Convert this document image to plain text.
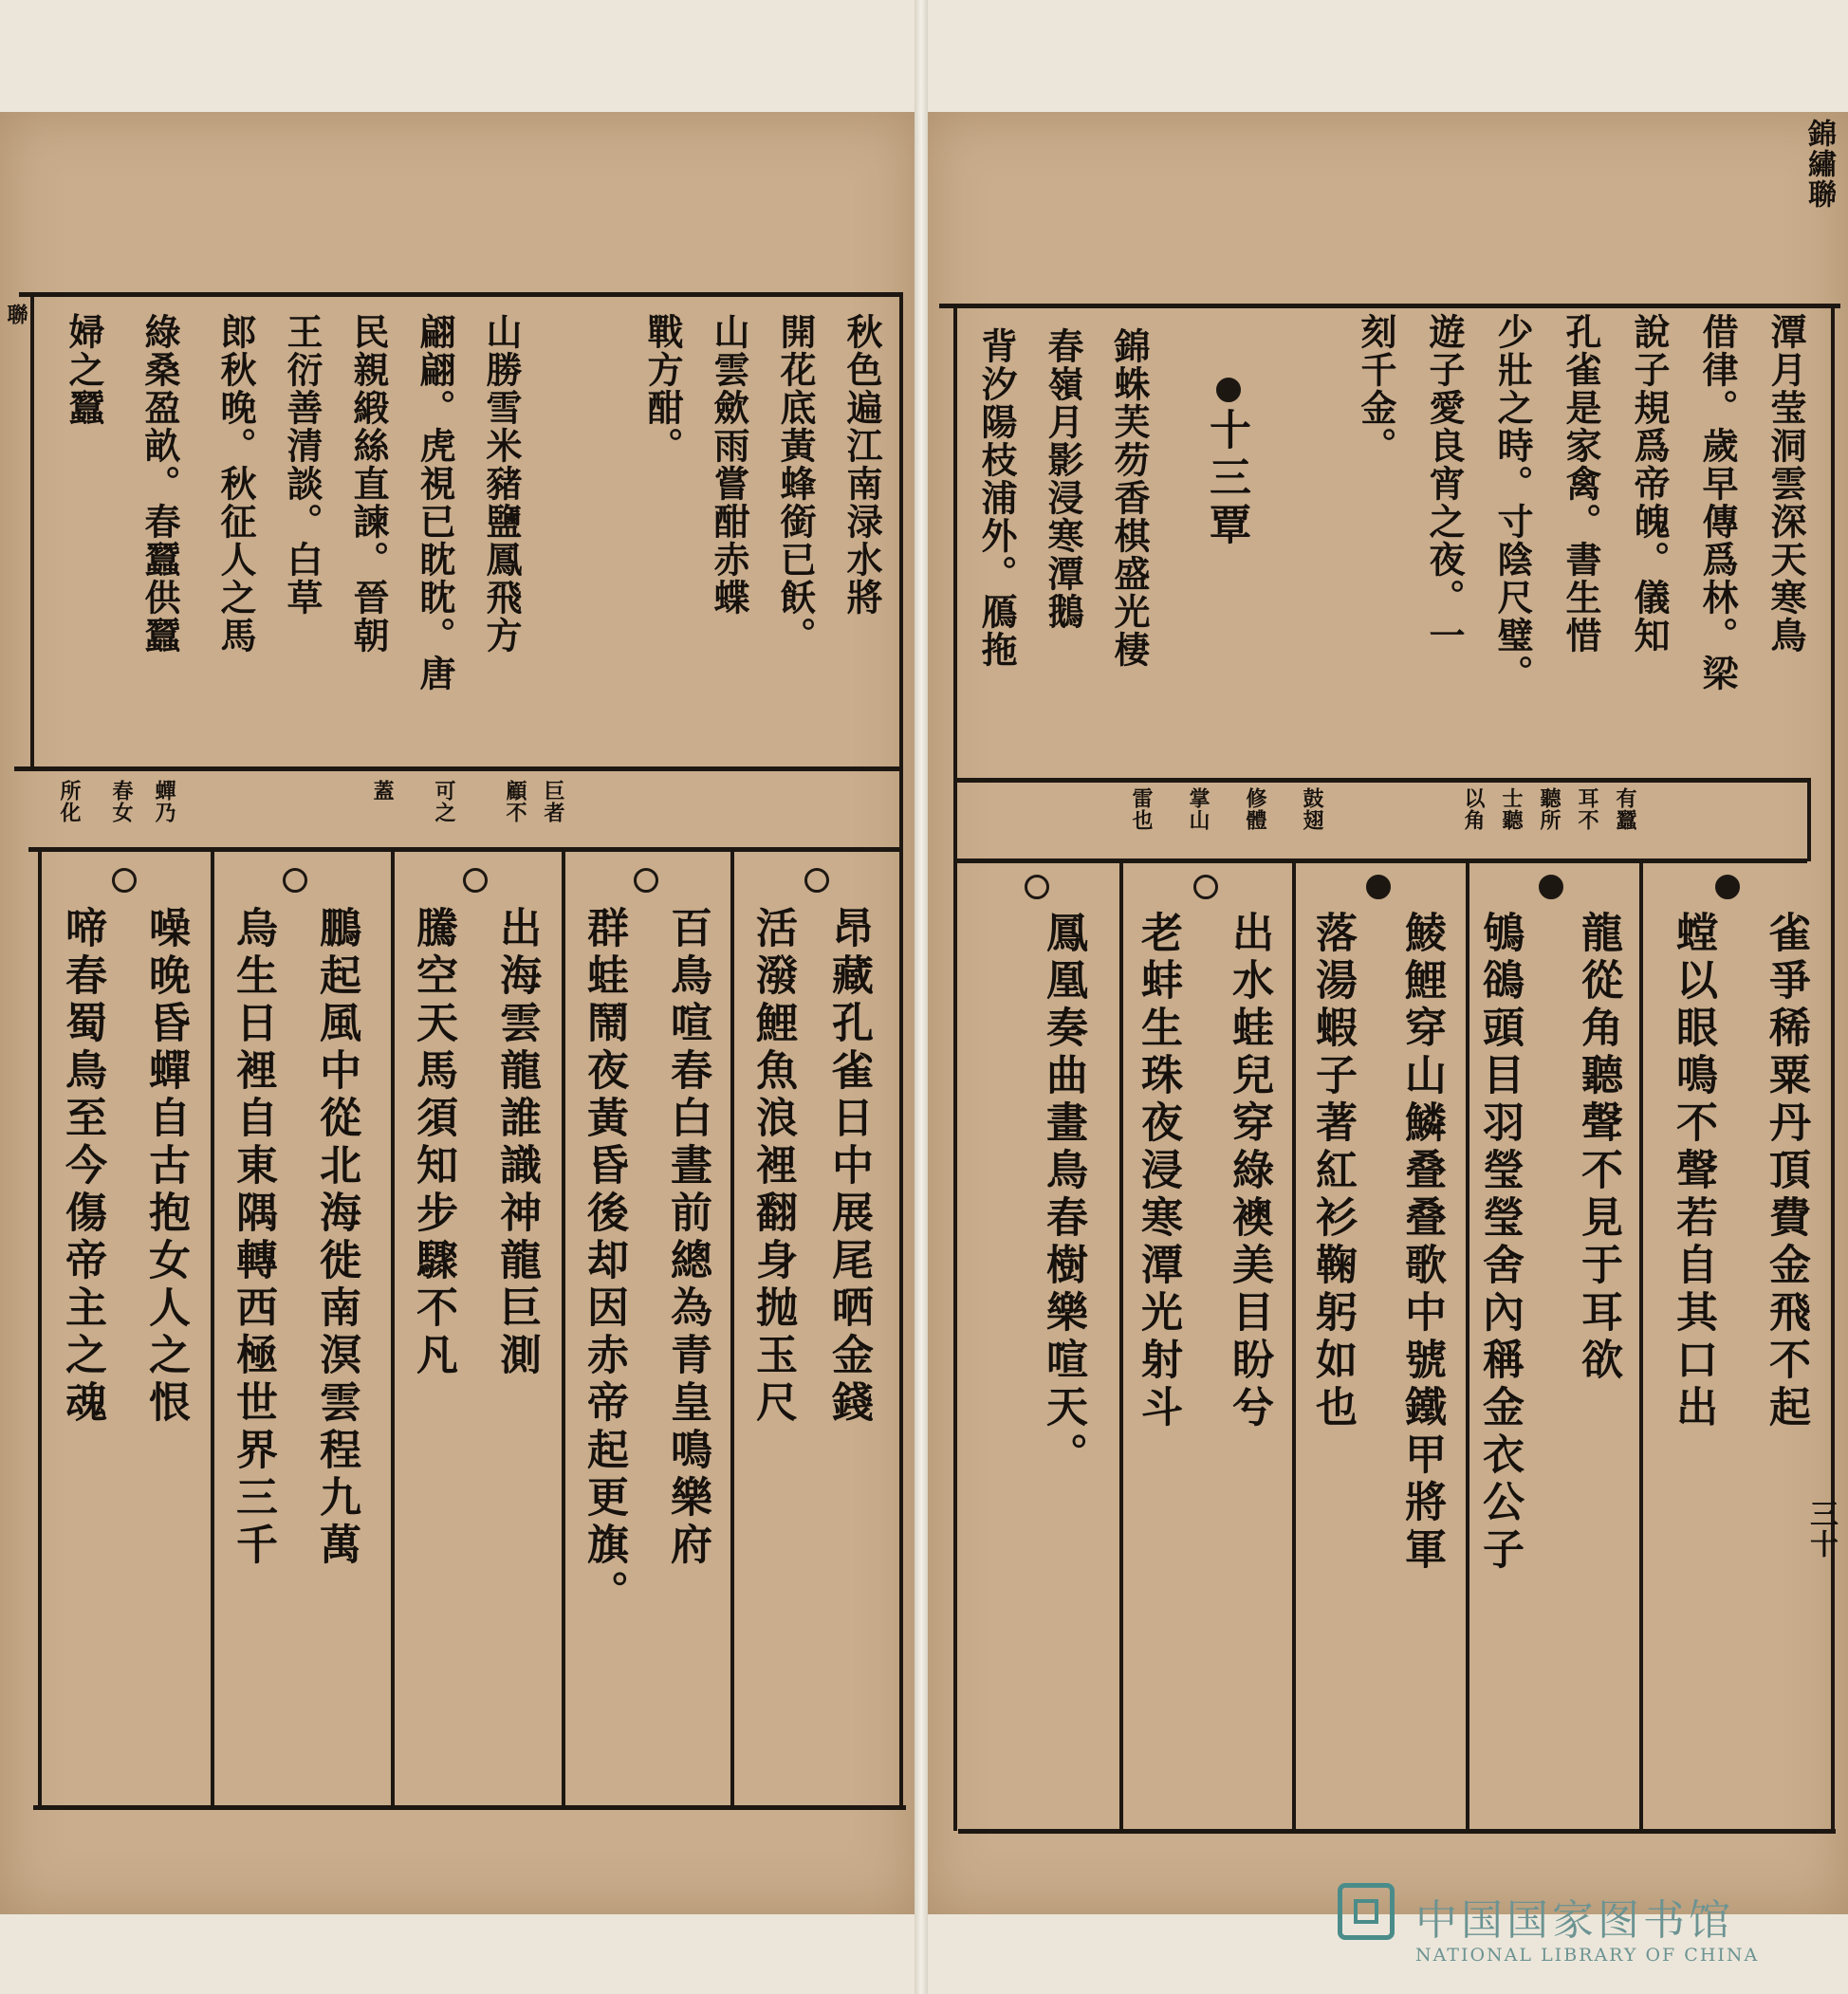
聯	秋色遍江南渌水將
開花底黃蜂銜已飫。
山雲歛雨嘗酣赤蝶
戰方酣。
山勝雪米豬鹽鳳飛方
翩翩。虎視已眈眈。唐
民親緞絲直諫。晉朝
王衍善清談。白草
郎秋晚。秋征人之馬
綠桑盈畝。春蠶供蠶
婦之蠶
巨者
顧不
可之
蓋
蟬乃
春女
所化
昂藏孔雀日中展尾晒金錢
活潑鯉魚浪裡翻身抛玉尺
百鳥喧春白晝前總為青皇鳴樂府
群蛙鬧夜黃昏後却因赤帝起更旗。
出海雲龍誰識神龍巨測
騰空天馬須知步驟不凡
鵬起風中從北海徙南溟雲程九萬
烏生日裡自東隅轉西極世界三千
噪晚昏蟬自古抱女人之恨
啼春蜀鳥至今傷帝主之魂
錦繡聯
三十
潭月莹洞雲深天寒鳥
借律。歲早傳爲林。梁
說子規爲帝魄。儀知
孔雀是家禽。書生惜
少壯之時。寸陰尺璧。
遊子愛良宵之夜。一
刻千金。
十三覃
錦蛛芙芴香棋盛光棲
春嶺月影浸寒潭鵝
背汐陽枝浦外。鴈拖
有蠶
耳不
聽所
士聽
以角
鼓翅
修體
掌山
雷也
雀爭稀粟丹頂費金飛不起
螳以眼鳴不聲若自其口出
龍從角聽聲不見于耳欲
鴝鵒頭目羽瑩瑩舍內稱金衣公子
鯪鯉穿山鱗叠叠歌中號鐵甲將軍
落湯蝦子著紅衫鞠躬如也
出水蛙兒穿綠襖美目盼兮
老蚌生珠夜浸寒潭光射斗
鳳凰奏曲畫鳥春樹樂喧天。
中国国家图书馆
NATIONAL LIBRARY OF CHINA
